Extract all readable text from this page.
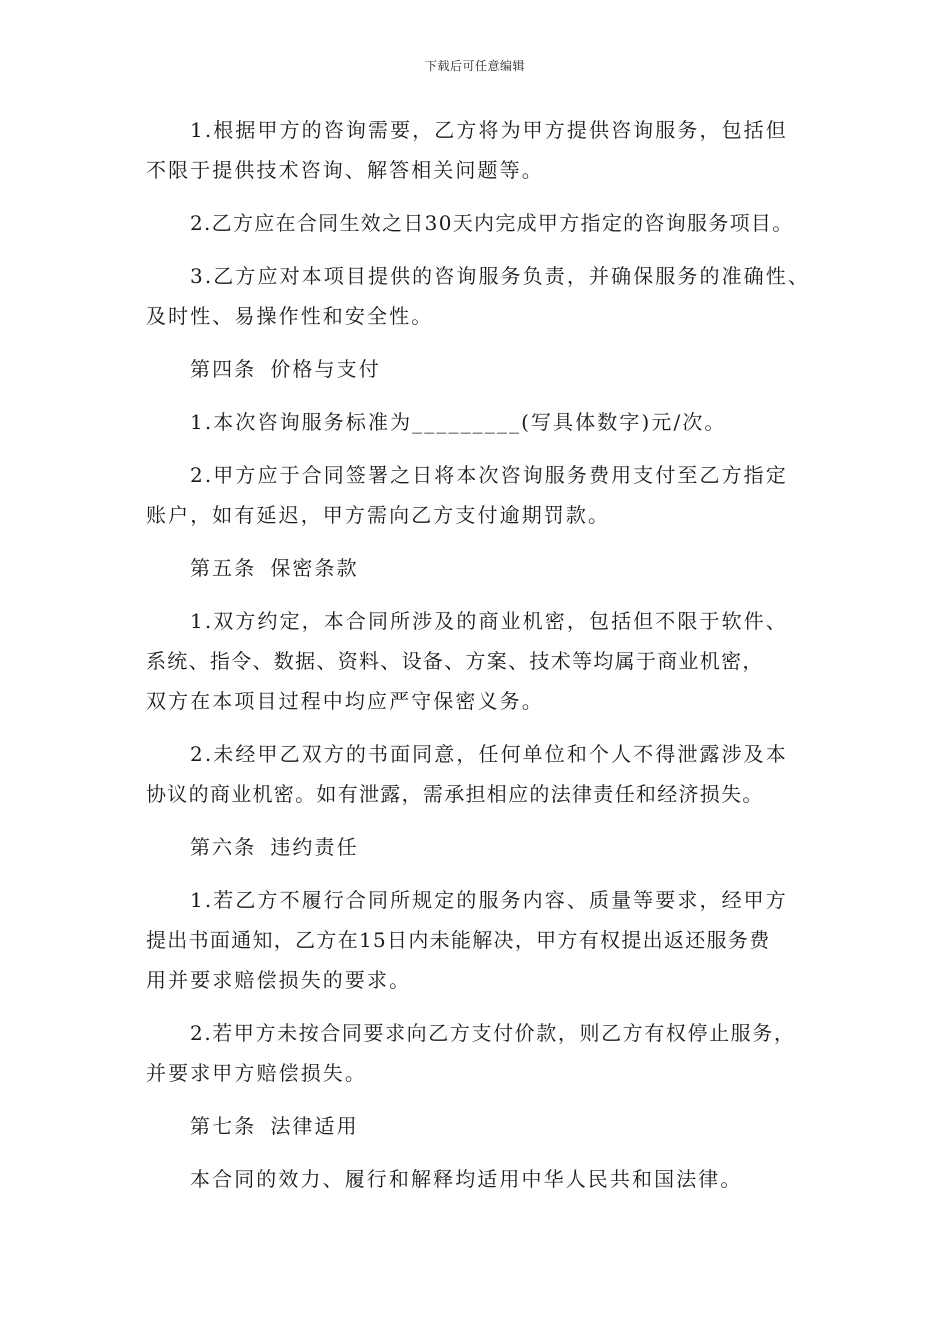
下载后可任意编辑

1.根据甲方的咨询需要，乙方将为甲方提供咨询服务，包括但
不限于提供技术咨询、解答相关问题等。

2.乙方应在合同生效之日30天内完成甲方指定的咨询服务项目。

3.乙方应对本项目提供的咨询服务负责，并确保服务的准确性、
及时性、易操作性和安全性。

第四条 价格与支付

1.本次咨询服务标准为_________(写具体数字)元/次。

2.甲方应于合同签署之日将本次咨询服务费用支付至乙方指定
账户，如有延迟，甲方需向乙方支付逾期罚款。

第五条 保密条款

1.双方约定，本合同所涉及的商业机密，包括但不限于软件、
系统、指令、数据、资料、设备、方案、技术等均属于商业机密，
双方在本项目过程中均应严守保密义务。

2.未经甲乙双方的书面同意，任何单位和个人不得泄露涉及本
协议的商业机密。如有泄露，需承担相应的法律责任和经济损失。

第六条 违约责任

1.若乙方不履行合同所规定的服务内容、质量等要求，经甲方
提出书面通知，乙方在15日内未能解决，甲方有权提出返还服务费
用并要求赔偿损失的要求。

2.若甲方未按合同要求向乙方支付价款，则乙方有权停止服务，
并要求甲方赔偿损失。

第七条 法律适用

本合同的效力、履行和解释均适用中华人民共和国法律。
